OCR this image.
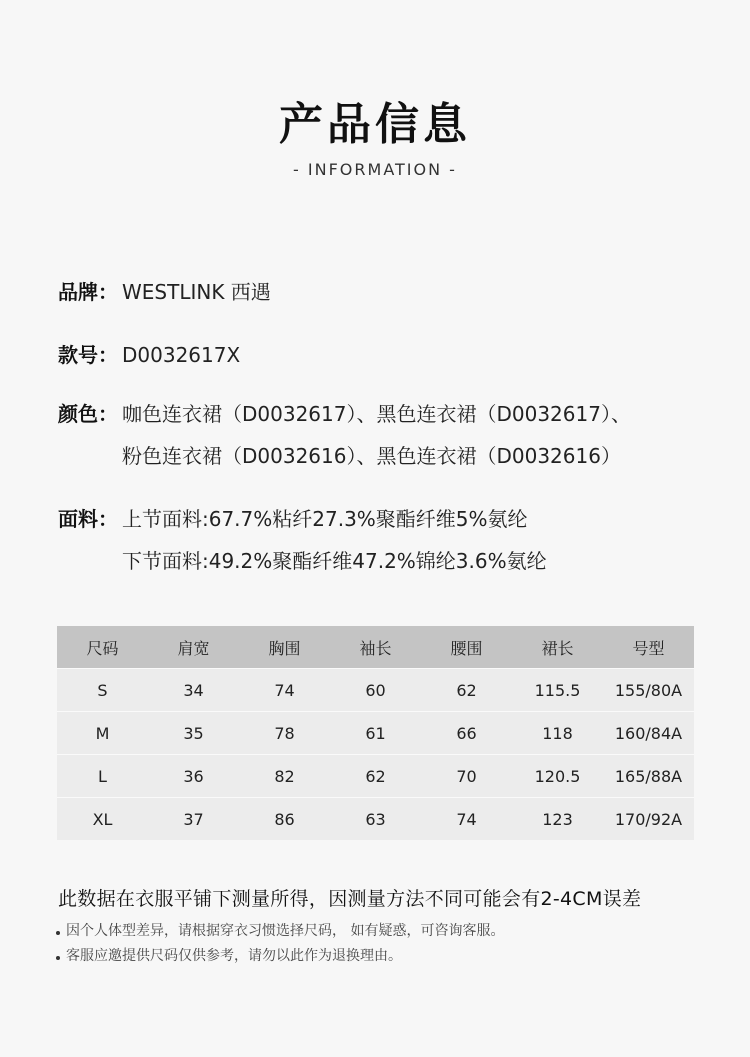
产品信息
- INFORMATION -
品牌： WESTLINK 西遇
款号： D0032617X
颜色： 咖色连衣裙（D0032617）、黑色连衣裙（D0032617）、
粉色连衣裙（D0032616）、黑色连衣裙（D0032616）
面料： 上节面料:67.7%粘纤27.3%聚酯纤维5%氨纶
下节面料:49.2%聚酯纤维47.2%锦纶3.6%氨纶
尺码	肩宽	胸围	袖长	腰围	裙长	号型
S	34	74	60	62	115.5	155/80A
M	35	78	61	66	118	160/84A
L	36	82	62	70	120.5	165/88A
XL	37	86	63	74	123	170/92A
此数据在衣服平铺下测量所得，因测量方法不同可能会有2-4CM误差
因个人体型差异，请根据穿衣习惯选择尺码， 如有疑惑，可咨询客服。
客服应邀提供尺码仅供参考，请勿以此作为退换理由。
